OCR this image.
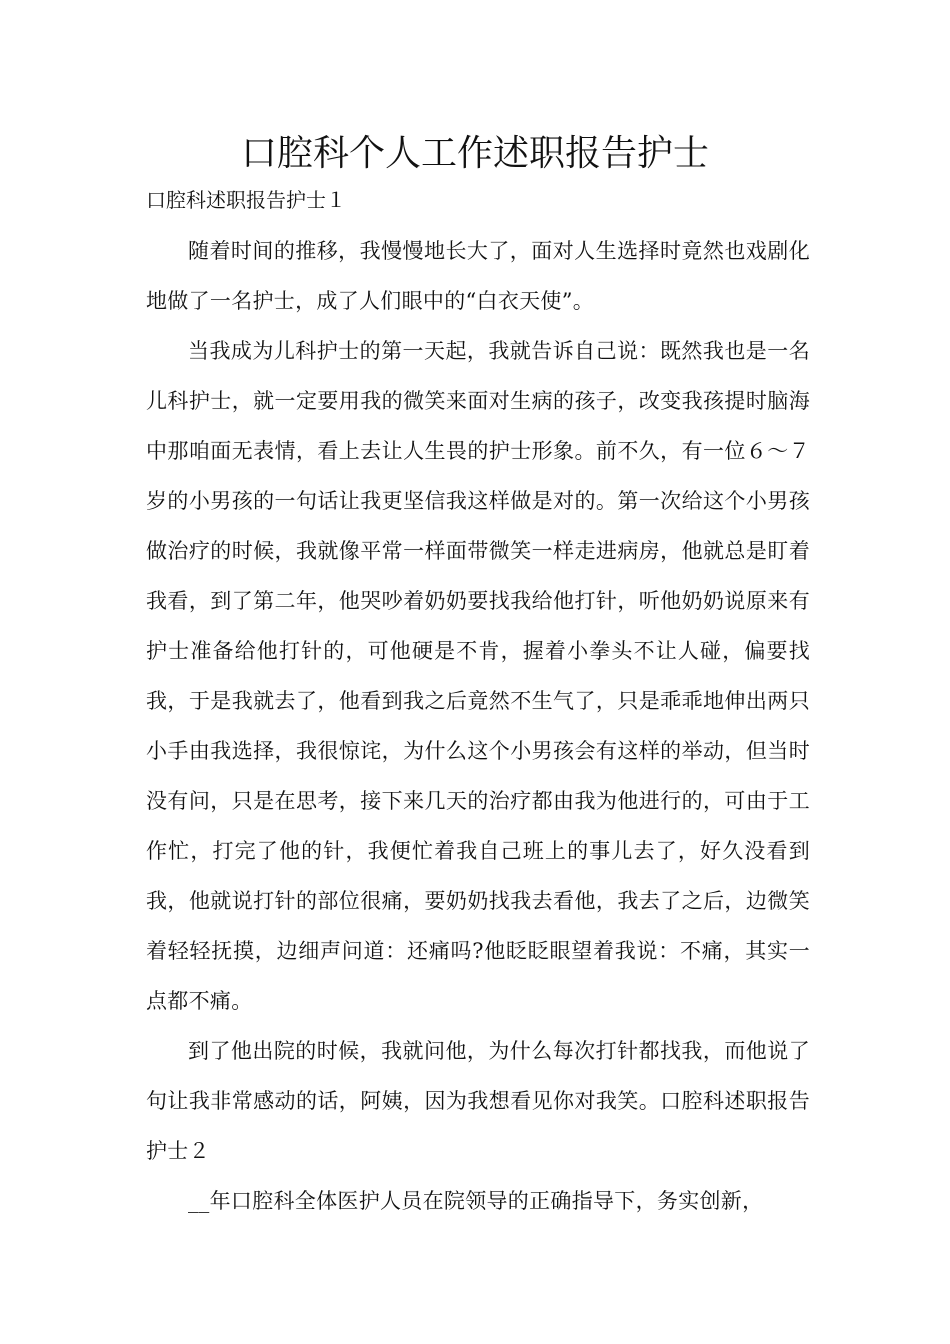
口腔科个人工作述职报告护士
口腔科述职报告护士１

随着时间的推移，我慢慢地长大了，面对人生选择时竟然也戏剧化地做了一名护士，成了人们眼中的“白衣天使”。

当我成为儿科护士的第一天起，我就告诉自己说：既然我也是一名儿科护士，就一定要用我的微笑来面对生病的孩子，改变我孩提时脑海中那咱面无表情，看上去让人生畏的护士形象。前不久，有一位６～７岁的小男孩的一句话让我更坚信我这样做是对的。第一次给这个小男孩做治疗的时候，我就像平常一样面带微笑一样走进病房，他就总是盯着我看，到了第二年，他哭吵着奶奶要找我给他打针，听他奶奶说原来有护士准备给他打针的，可他硬是不肯，握着小拳头不让人碰，偏要找我，于是我就去了，他看到我之后竟然不生气了，只是乖乖地伸出两只小手由我选择，我很惊诧，为什么这个小男孩会有这样的举动，但当时没有问，只是在思考，接下来几天的治疗都由我为他进行的，可由于工作忙，打完了他的针，我便忙着我自己班上的事儿去了，好久没看到我，他就说打针的部位很痛，要奶奶找我去看他，我去了之后，边微笑着轻轻抚摸，边细声问道：还痛吗?他眨眨眼望着我说：不痛，其实一点都不痛。

到了他出院的时候，我就问他，为什么每次打针都找我，而他说了句让我非常感动的话，阿姨，因为我想看见你对我笑。口腔科述职报告护士２

__年口腔科全体医护人员在院领导的正确指导下，务实创新，
